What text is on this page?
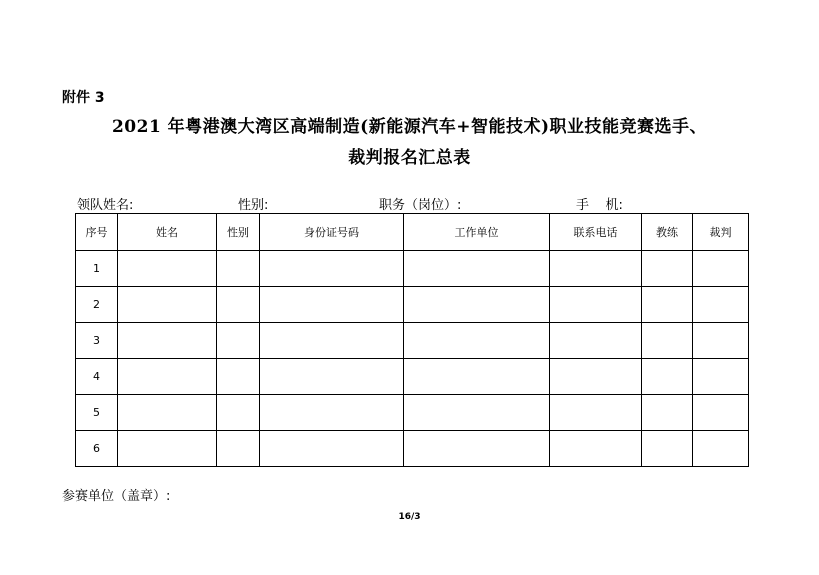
附件 3
2021 年粤港澳大湾区高端制造(新能源汽车+智能技术)职业技能竞赛选手、
裁判报名汇总表
领队姓名:	性别:	职务（岗位）:	手    机:
序号	姓名	性别	身份证号码	工作单位	联系电话	教练	裁判
1							
2							
3							
4							
5							
6							
参赛单位（盖章）:
16/3
